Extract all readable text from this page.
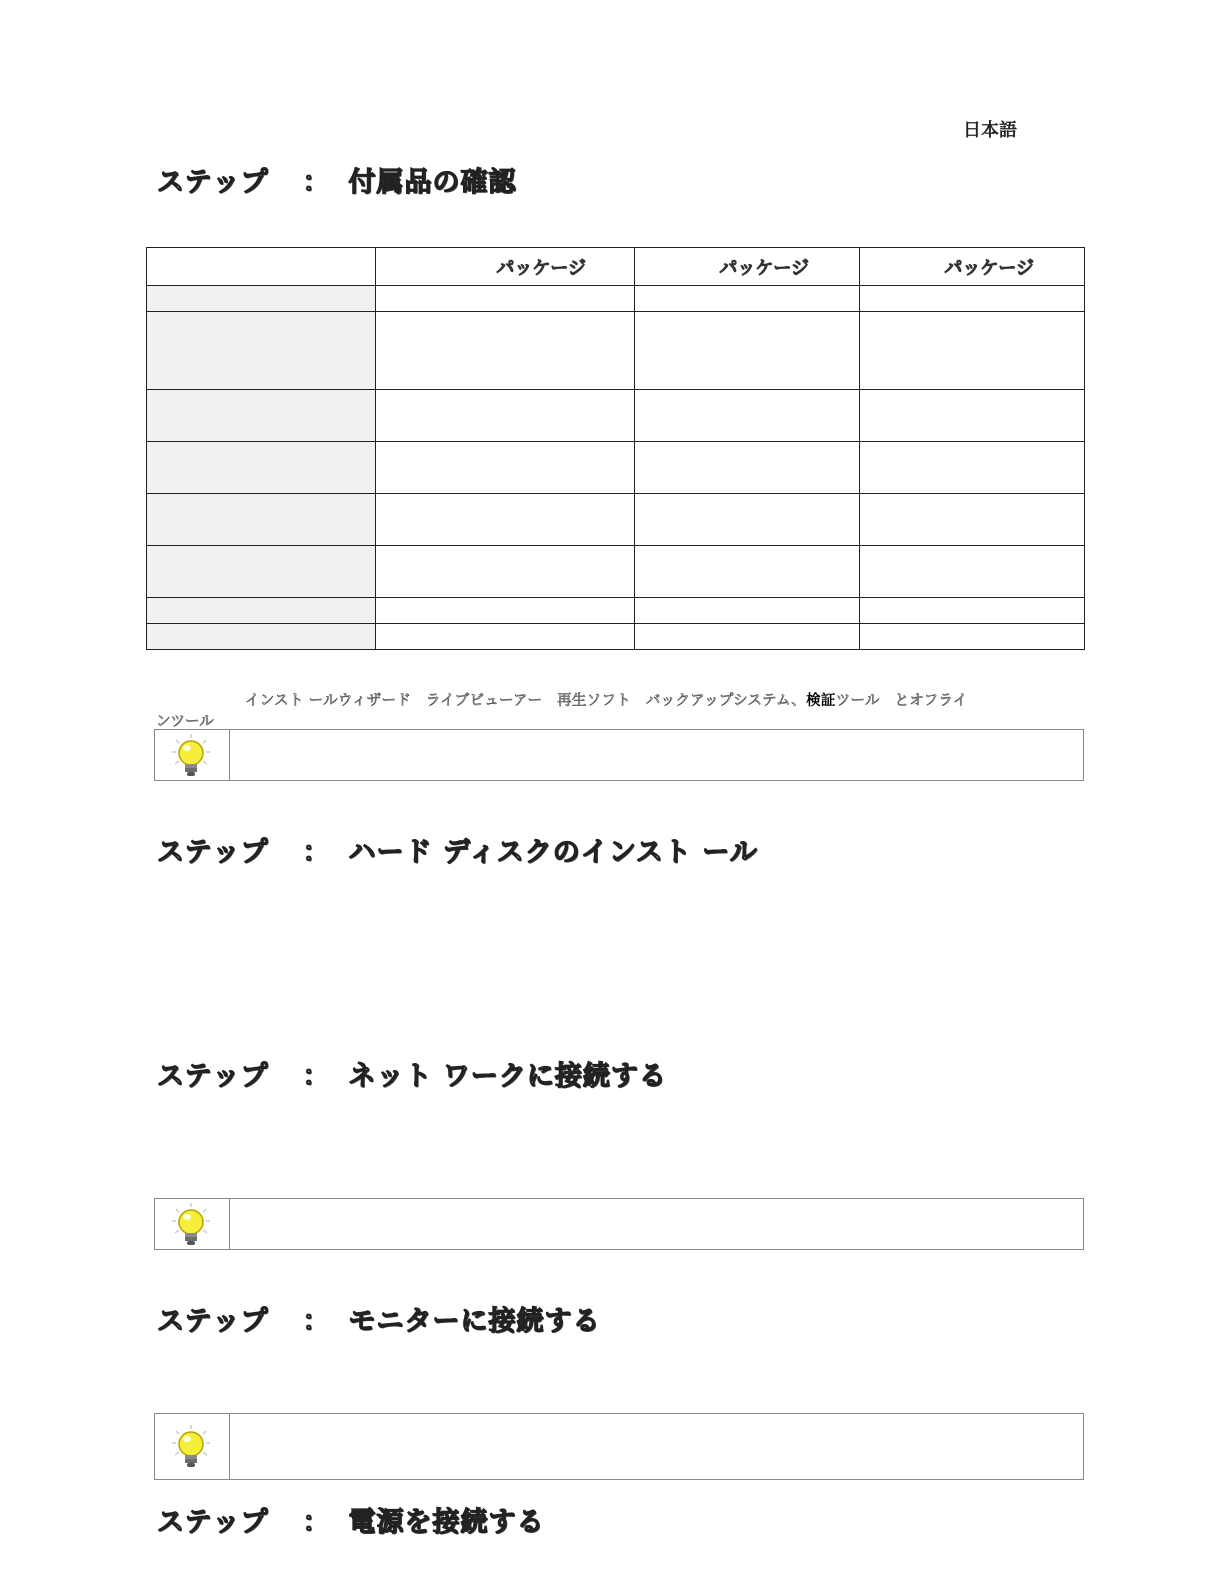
日本語
ステップ ： 付属品の確認
	パッケージ	パッケージ	パッケージ

インスト ールウィザード　ライブビューアー　再生ソフト　バックアップシステム、検証ツール　とオフライ
ンツール
ステップ ： ハード ディスクのインスト ール
ステップ ： ネット ワークに接続する
ステップ ： モニターに接続する
ステップ ： 電源を接続する
